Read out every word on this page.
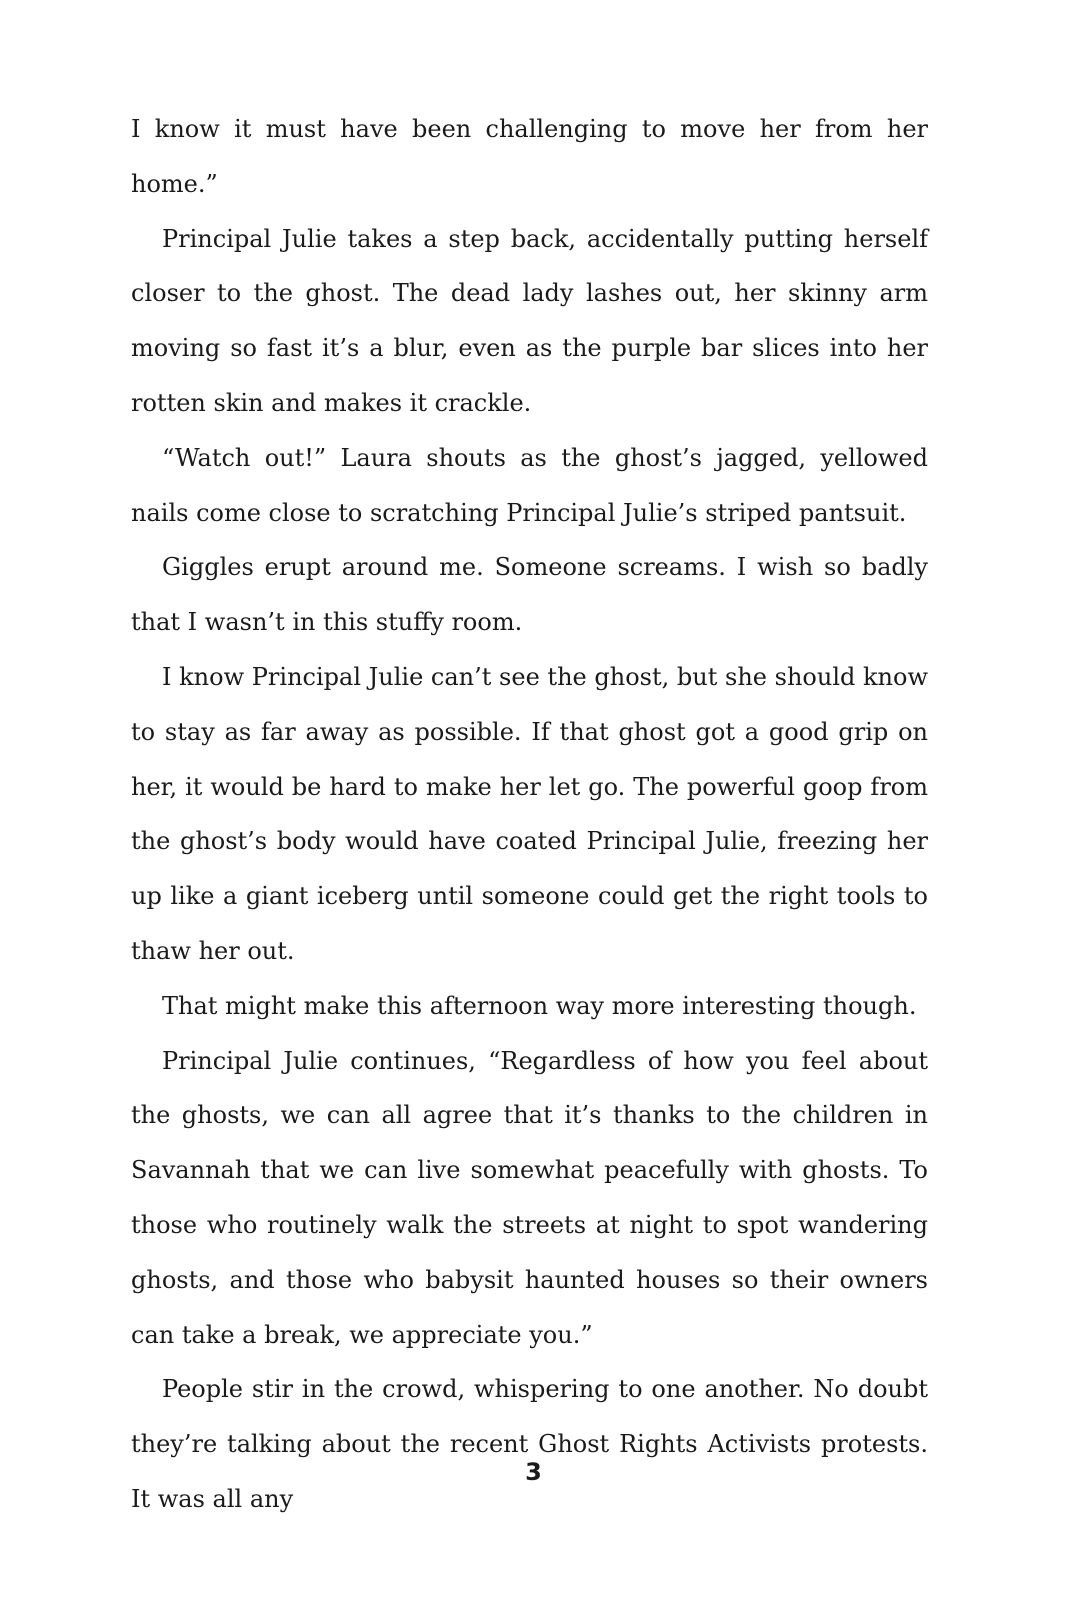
I know it must have been challenging to move her from her home.”

Principal Julie takes a step back, accidentally putting herself closer to the ghost. The dead lady lashes out, her skinny arm moving so fast it’s a blur, even as the purple bar slices into her rotten skin and makes it crackle.

“Watch out!” Laura shouts as the ghost’s jagged, yellowed nails come close to scratching Principal Julie’s striped pantsuit.

Giggles erupt around me. Someone screams. I wish so badly that I wasn’t in this stuffy room.

I know Principal Julie can’t see the ghost, but she should know to stay as far away as possible. If that ghost got a good grip on her, it would be hard to make her let go. The powerful goop from the ghost’s body would have coated Principal Julie, freezing her up like a giant iceberg until someone could get the right tools to thaw her out.

That might make this afternoon way more interesting though.

Principal Julie continues, “Regardless of how you feel about the ghosts, we can all agree that it’s thanks to the children in Savannah that we can live somewhat peacefully with ghosts. To those who routinely walk the streets at night to spot wandering ghosts, and those who babysit haunted houses so their owners can take a break, we appreciate you.”

People stir in the crowd, whispering to one another. No doubt they’re talking about the recent Ghost Rights Activists protests. It was all any

3
